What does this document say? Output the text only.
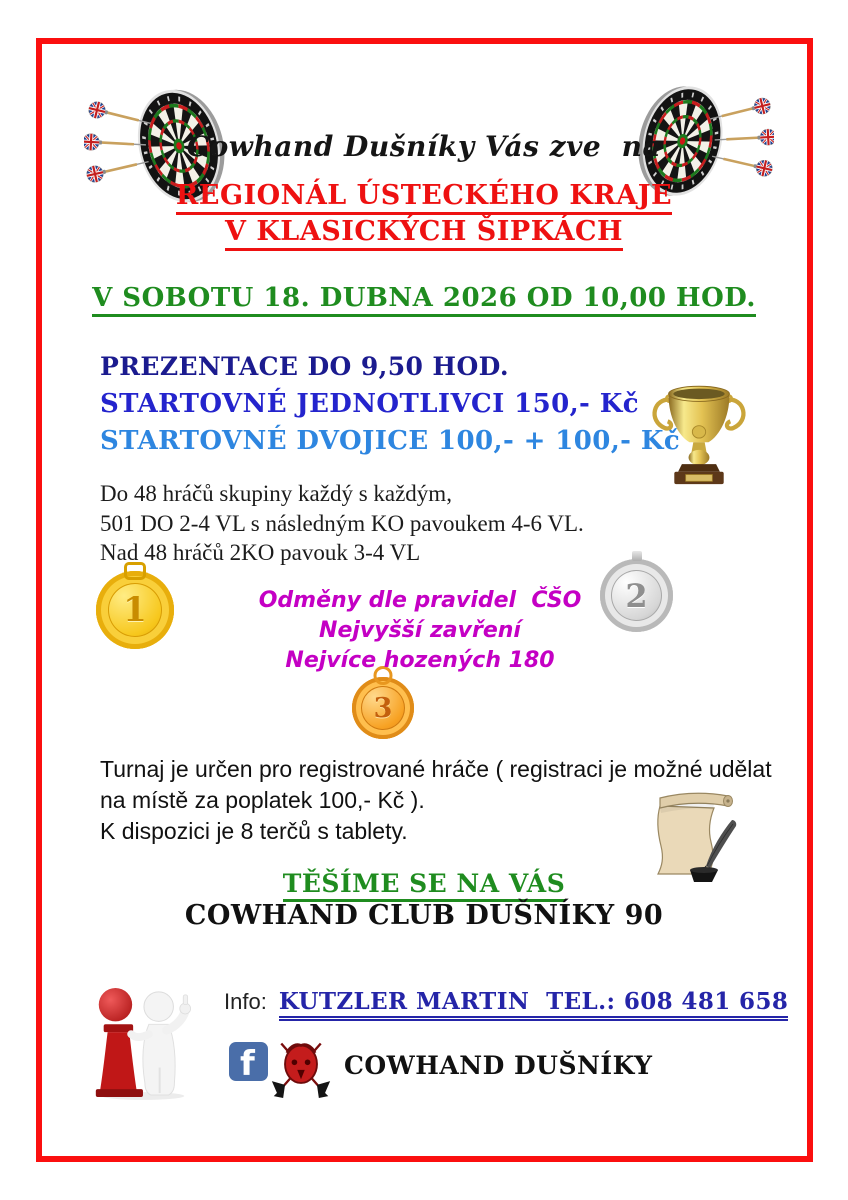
Cowhand Dušníky Vás zve  na
REGIONÁL ÚSTECKÉHO KRAJE
V KLASICKÝCH ŠIPKÁCH
V SOBOTU 18. DUBNA 2026 OD 10,00 HOD.
PREZENTACE DO 9,50 HOD.
STARTOVNÉ JEDNOTLIVCI 150,- Kč
STARTOVNÉ DVOJICE 100,- + 100,- Kč
Do 48 hráčů skupiny každý s každým,
501 DO 2-4 VL s následným KO pavoukem 4-6 VL.
Nad 48 hráčů 2KO pavouk 3-4 VL
1	2
3
Odměny dle pravidel  ČŠO
Nejvyšší zavření
Nejvíce hozených 180
Turnaj je určen pro registrované hráče ( registraci je možné udělat
na místě za poplatek 100,- Kč ).
K dispozici je 8 terčů s tablety.
TĚŠÍME SE NA VÁS
COWHAND CLUB DUŠNÍKY 90
Info: KUTZLER MARTIN  TEL.: 608 481 658
f	COWHAND DUŠNÍKY
